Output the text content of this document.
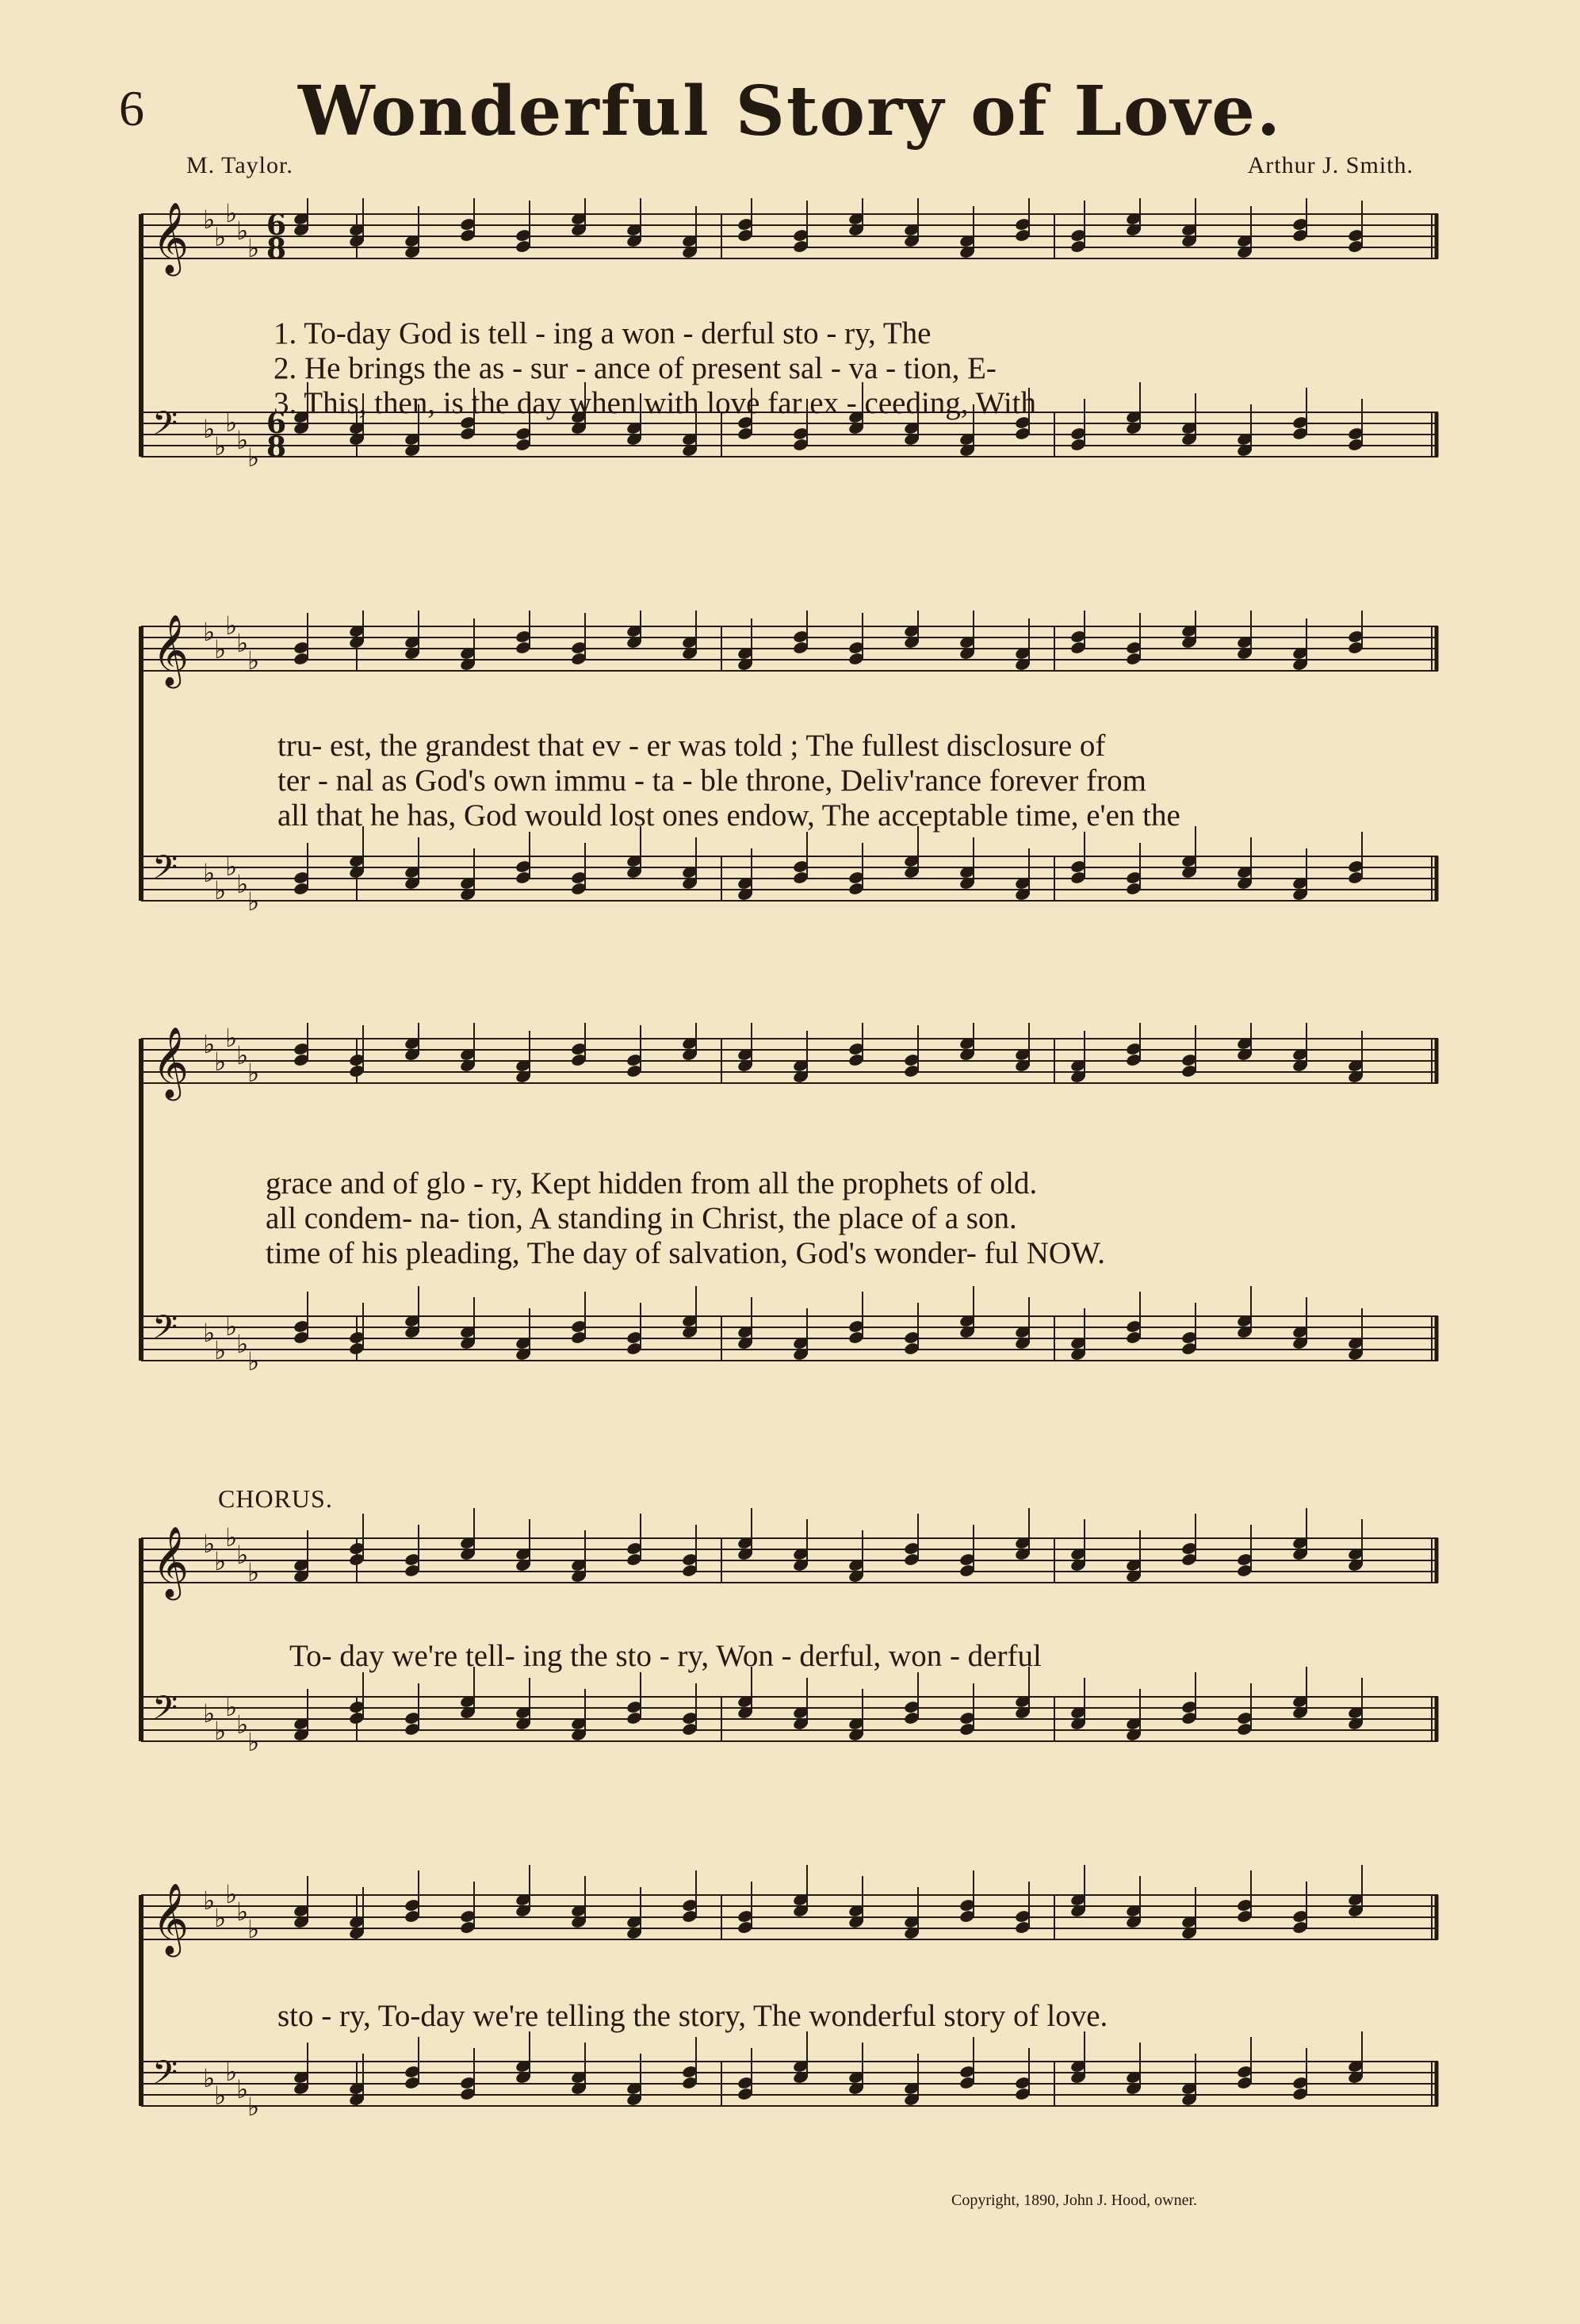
6	Wonderful Story of Love.
M. Taylor.	Arthur J. Smith.
𝄞 ♭
♭
♭
♭
♭
𝄢 ♭
♭
♭
♭
♭
6
8
6
8
1. To-day God is tell - ing a won - derful sto - ry, The
2. He brings the as - sur - ance of present sal - va - tion, E-
3. This, then, is the day when with love far ex - ceeding, With
𝄞 ♭
♭
♭
♭
♭
𝄢 ♭
♭
♭
♭
♭
tru- est, the grandest that ev - er was told ; The fullest disclosure of
ter - nal as God's own immu - ta - ble throne, Deliv'rance forever from
all that he has, God would lost ones endow, The acceptable time, e'en the
𝄞 ♭
♭
♭
♭
♭
𝄢 ♭
♭
♭
♭
♭
grace and of glo - ry, Kept hidden from all the prophets of old.
all condem- na- tion, A standing in Christ, the place of a son.
time of his pleading, The day of salvation, God's wonder- ful NOW.
CHORUS.
𝄞 ♭
♭
♭
♭
♭
𝄢 ♭
♭
♭
♭
♭
To- day we're tell- ing the sto - ry, Won - derful, won - derful
𝄞 ♭
♭
♭
♭
♭
𝄢 ♭
♭
♭
♭
♭
sto - ry, To-day we're telling the story, The wonderful story of love.
Copyright, 1890, John J. Hood, owner.
